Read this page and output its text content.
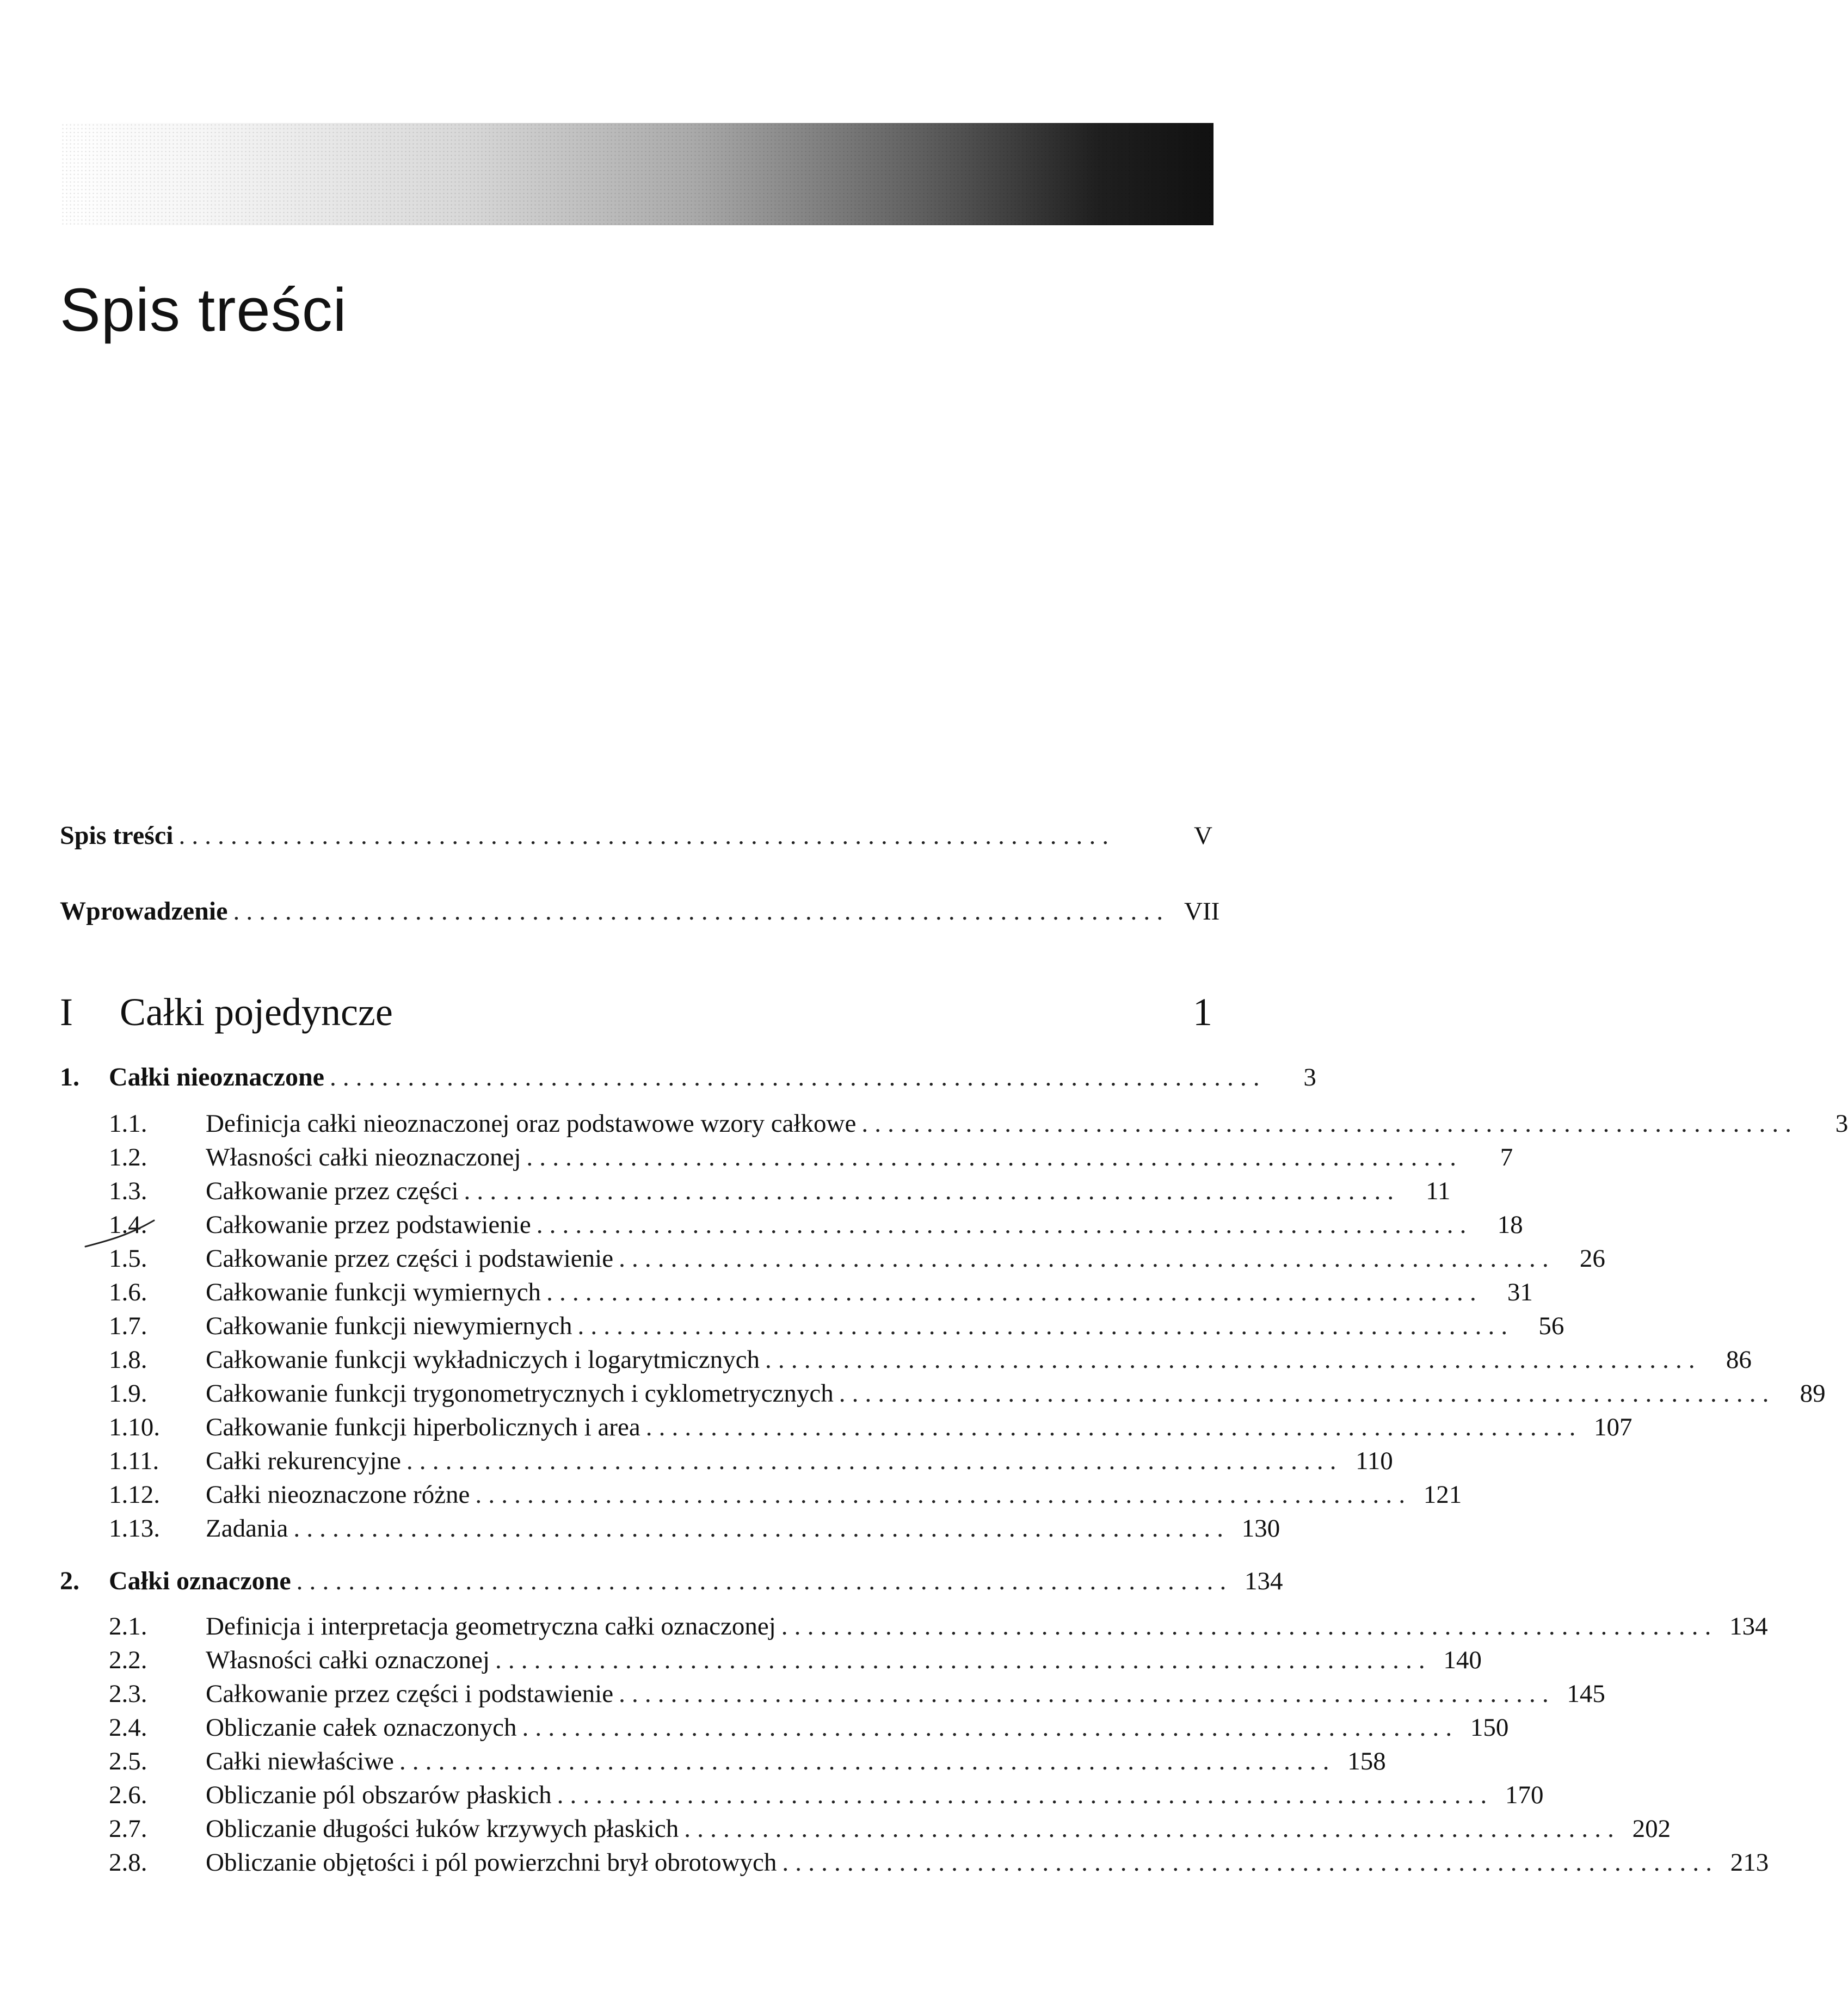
Spis treści
Spis treści . . . . . . . . . . . . . . . . . . . . . . . . . . . . . . . . . . . . . . . . . . . . . . . . . . . . . . . . . . . . . . . . . . . . . . . .	V
Wprowadzenie . . . . . . . . . . . . . . . . . . . . . . . . . . . . . . . . . . . . . . . . . . . . . . . . . . . . . . . . . . . . . . . . . . . . . . . . VII
I	Całki pojedyncze	1
1.	Całki nieoznaczone . . . . . . . . . . . . . . . . . . . . . . . . . . . . . . . . . . . . . . . . . . . . . . . . . . . . . . . . . . . . . . . . . . . . . . . .	3
1.1.	Definicja całki nieoznaczonej oraz podstawowe wzory całkowe . . . . . . . . . . . . . . . . . . . . . . . . . . . . . . . . . . . . . . . . . . . . . . . . . . . . . . . . . . . . . . . . . . . . . . . .	3
1.2.	Własności całki nieoznaczonej . . . . . . . . . . . . . . . . . . . . . . . . . . . . . . . . . . . . . . . . . . . . . . . . . . . . . . . . . . . . . . . . . . . . . . . .	7
1.3.	Całkowanie przez części . . . . . . . . . . . . . . . . . . . . . . . . . . . . . . . . . . . . . . . . . . . . . . . . . . . . . . . . . . . . . . . . . . . . . . . .	11
1.4.	Całkowanie przez podstawienie . . . . . . . . . . . . . . . . . . . . . . . . . . . . . . . . . . . . . . . . . . . . . . . . . . . . . . . . . . . . . . . . . . . . . . . .	18
1.5.	Całkowanie przez części i podstawienie . . . . . . . . . . . . . . . . . . . . . . . . . . . . . . . . . . . . . . . . . . . . . . . . . . . . . . . . . . . . . . . . . . . . . . . .	26
1.6.	Całkowanie funkcji wymiernych . . . . . . . . . . . . . . . . . . . . . . . . . . . . . . . . . . . . . . . . . . . . . . . . . . . . . . . . . . . . . . . . . . . . . . . .	31
1.7.	Całkowanie funkcji niewymiernych . . . . . . . . . . . . . . . . . . . . . . . . . . . . . . . . . . . . . . . . . . . . . . . . . . . . . . . . . . . . . . . . . . . . . . . .	56
1.8.	Całkowanie funkcji wykładniczych i logarytmicznych . . . . . . . . . . . . . . . . . . . . . . . . . . . . . . . . . . . . . . . . . . . . . . . . . . . . . . . . . . . . . . . . . . . . . . . .	86
1.9.	Całkowanie funkcji trygonometrycznych i cyklometrycznych . . . . . . . . . . . . . . . . . . . . . . . . . . . . . . . . . . . . . . . . . . . . . . . . . . . . . . . . . . . . . . . . . . . . . . . .	89
1.10.	Całkowanie funkcji hiperbolicznych i area . . . . . . . . . . . . . . . . . . . . . . . . . . . . . . . . . . . . . . . . . . . . . . . . . . . . . . . . . . . . . . . . . . . . . . . . 107
1.11.	Całki rekurencyjne . . . . . . . . . . . . . . . . . . . . . . . . . . . . . . . . . . . . . . . . . . . . . . . . . . . . . . . . . . . . . . . . . . . . . . . . 110
1.12.	Całki nieoznaczone różne . . . . . . . . . . . . . . . . . . . . . . . . . . . . . . . . . . . . . . . . . . . . . . . . . . . . . . . . . . . . . . . . . . . . . . . . 121
1.13.	Zadania . . . . . . . . . . . . . . . . . . . . . . . . . . . . . . . . . . . . . . . . . . . . . . . . . . . . . . . . . . . . . . . . . . . . . . . . 130
2.	Całki oznaczone . . . . . . . . . . . . . . . . . . . . . . . . . . . . . . . . . . . . . . . . . . . . . . . . . . . . . . . . . . . . . . . . . . . . . . . . 134
2.1.	Definicja i interpretacja geometryczna całki oznaczonej . . . . . . . . . . . . . . . . . . . . . . . . . . . . . . . . . . . . . . . . . . . . . . . . . . . . . . . . . . . . . . . . . . . . . . . . 134
2.2.	Własności całki oznaczonej . . . . . . . . . . . . . . . . . . . . . . . . . . . . . . . . . . . . . . . . . . . . . . . . . . . . . . . . . . . . . . . . . . . . . . . . 140
2.3.	Całkowanie przez części i podstawienie . . . . . . . . . . . . . . . . . . . . . . . . . . . . . . . . . . . . . . . . . . . . . . . . . . . . . . . . . . . . . . . . . . . . . . . . 145
2.4.	Obliczanie całek oznaczonych . . . . . . . . . . . . . . . . . . . . . . . . . . . . . . . . . . . . . . . . . . . . . . . . . . . . . . . . . . . . . . . . . . . . . . . . 150
2.5.	Całki niewłaściwe . . . . . . . . . . . . . . . . . . . . . . . . . . . . . . . . . . . . . . . . . . . . . . . . . . . . . . . . . . . . . . . . . . . . . . . . 158
2.6.	Obliczanie pól obszarów płaskich . . . . . . . . . . . . . . . . . . . . . . . . . . . . . . . . . . . . . . . . . . . . . . . . . . . . . . . . . . . . . . . . . . . . . . . . 170
2.7.	Obliczanie długości łuków krzywych płaskich . . . . . . . . . . . . . . . . . . . . . . . . . . . . . . . . . . . . . . . . . . . . . . . . . . . . . . . . . . . . . . . . . . . . . . . . 202
2.8.	Obliczanie objętości i pól powierzchni brył obrotowych . . . . . . . . . . . . . . . . . . . . . . . . . . . . . . . . . . . . . . . . . . . . . . . . . . . . . . . . . . . . . . . . . . . . . . . . 213
